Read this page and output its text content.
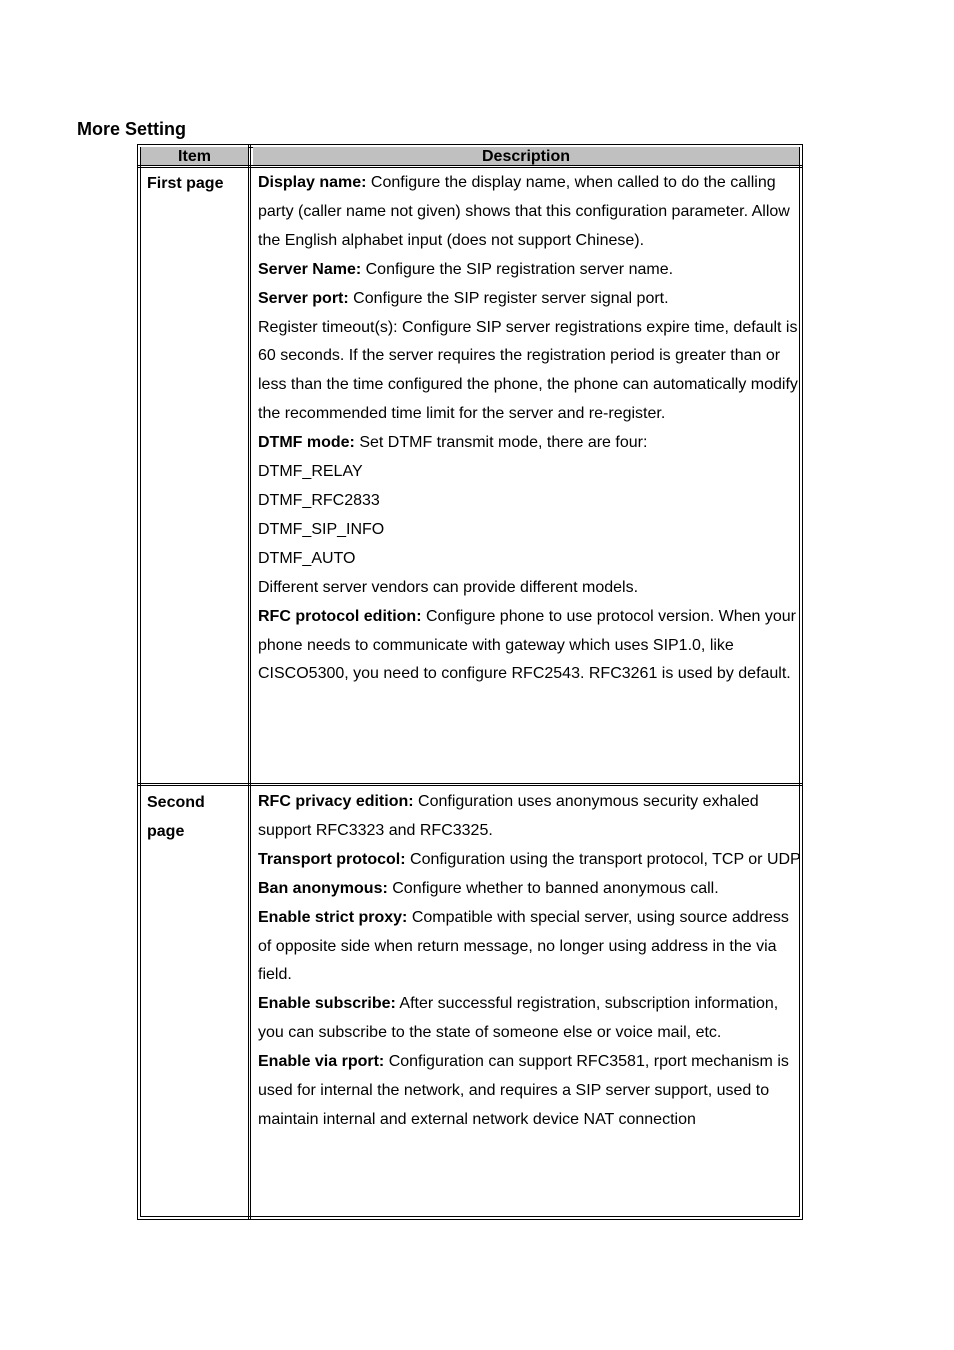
More Setting
Item	Description
First page	Display name: Configure the display name, when called to do the calling party (caller name not given) shows that this configuration parameter. Allow the English alphabet input (does not support Chinese).

Server Name: Configure the SIP registration server name.

Server port: Configure the SIP register server signal port.

Register timeout(s): Configure SIP server registrations expire time, default is 60 seconds. If the server requires the registration period is greater than or less than the time configured the phone, the phone can automatically modify the recommended time limit for the server and re-register.

DTMF mode: Set DTMF transmit mode, there are four:

DTMF_RELAY

DTMF_RFC2833

DTMF_SIP_INFO

DTMF_AUTO

Different server vendors can provide different models.

RFC protocol edition: Configure phone to use protocol version. When your phone needs to communicate with gateway which uses SIP1.0, like CISCO5300, you need to configure RFC2543. RFC3261 is used by default.

Second page

RFC privacy edition: Configuration uses anonymous security exhaled support RFC3323 and RFC3325.

Transport protocol: Configuration using the transport protocol, TCP or UDP

Ban anonymous: Configure whether to banned anonymous call.

Enable strict proxy: Compatible with special server, using source address of opposite side when return message, no longer using address in the via field.

Enable subscribe: After successful registration, subscription information, you can subscribe to the state of someone else or voice mail, etc.

Enable via rport: Configuration can support RFC3581, rport mechanism is used for internal the network, and requires a SIP server support, used to maintain internal and external network device NAT connection
